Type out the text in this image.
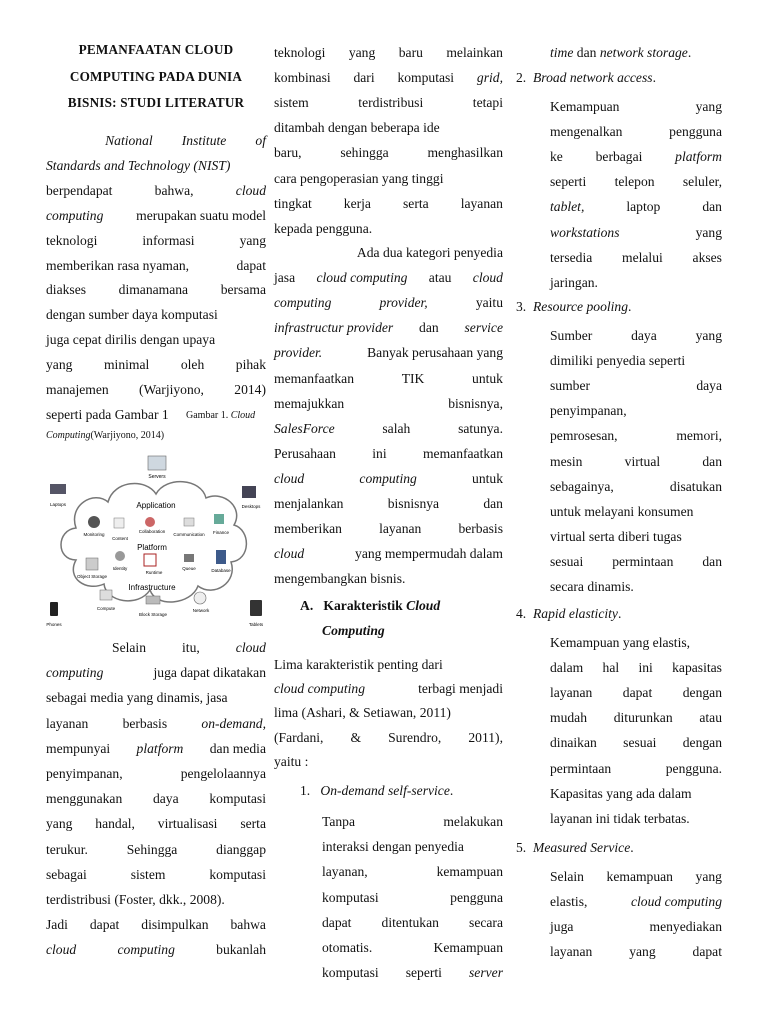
PEMANFAATAN CLOUD
COMPUTING PADA DUNIA
BISNIS: STUDI LITERATUR
National Institute of
Standards and Technology (NIST)
berpendapat	bahwa,	cloud
computing merupakan suatu model
teknologi	informasi	yang
memberikan rasa nyaman,	dapat
diakses dimanamana bersama
dengan sumber daya komputasi
juga cepat dirilis dengan upaya
yang minimal oleh pihak
manajemen (Warjiyono, 2014)
seperti pada Gambar 1 Gambar 1. Cloud
Computing(Warjiyono, 2014)
Selain	itu,	cloud
computing	juga dapat dikatakan
sebagai media yang dinamis, jasa
layanan	berbasis	on-demand,
mempunyai platform dan media
penyimpanan,	pengelolaannya
menggunakan daya komputasi
yang handal, virtualisasi serta
terukur.	Sehingga	dianggap
sebagai	sistem	komputasi
terdistribusi (Foster, dkk., 2008).
Jadi dapat disimpulkan bahwa
cloud	computing	bukanlah
Servers
Application
Platform
Infrastructure
Monitoring
Content
Collaboration
Communication Finance
Identity
Runtime
Queue	Database
Object Storage
Compute
Block Storage
Network
Laptops	Desktops
Phones	Tablets
teknologi yang baru melainkan
kombinasi dari komputasi grid,
sistem	terdistribusi	tetapi
ditambah dengan beberapa ide
baru,	sehingga	menghasilkan
cara pengoperasian yang tinggi
tingkat kerja serta layanan
kepada pengguna.
Ada dua kategori penyedia
jasa cloud computing atau cloud
computing	provider,	yaitu
infrastructur provider dan service
provider.	Banyak perusahaan yang
memanfaatkan	TIK	untuk
memajukkan	bisnisnya,
SalesForce	salah	satunya.
Perusahaan	ini	memanfaatkan
cloud	computing	untuk
menjalankan	bisnisnya	dan
memberikan	layanan	berbasis
cloud	yang mempermudah dalam
mengembangkan bisnis.
A. Karakteristik Cloud
Computing
Lima karakteristik penting dari
cloud computing	terbagi menjadi
lima (Ashari, & Setiawan, 2011)
(Fardani, & Surendro, 2011),
yaitu :
1. On-demand self-service.
Tanpa	melakukan
interaksi dengan penyedia
layanan,	kemampuan
komputasi	pengguna
dapat ditentukan secara
otomatis.	Kemampuan
komputasi seperti server
time dan network storage.
2. Broad network access.
Kemampuan	yang
mengenalkan	pengguna
ke berbagai platform
seperti telepon seluler,
tablet,	laptop	dan
workstations	yang
tersedia melalui akses
jaringan.
3. Resource pooling.
Sumber	daya	yang
dimiliki penyedia seperti
sumber	daya
penyimpanan,
pemrosesan,	memori,
mesin	virtual	dan
sebagainya,	disatukan
untuk melayani konsumen
virtual serta diberi tugas
sesuai permintaan dan
secara dinamis.
4. Rapid elasticity.
Kemampuan yang elastis,
dalam hal ini kapasitas
layanan dapat dengan
mudah diturunkan atau
dinaikan sesuai dengan
permintaan	pengguna.
Kapasitas yang ada dalam
layanan ini tidak terbatas.
5. Measured Service.
Selain kemampuan yang
elastis,	cloud computing
juga	menyediakan
layanan	yang	dapat
